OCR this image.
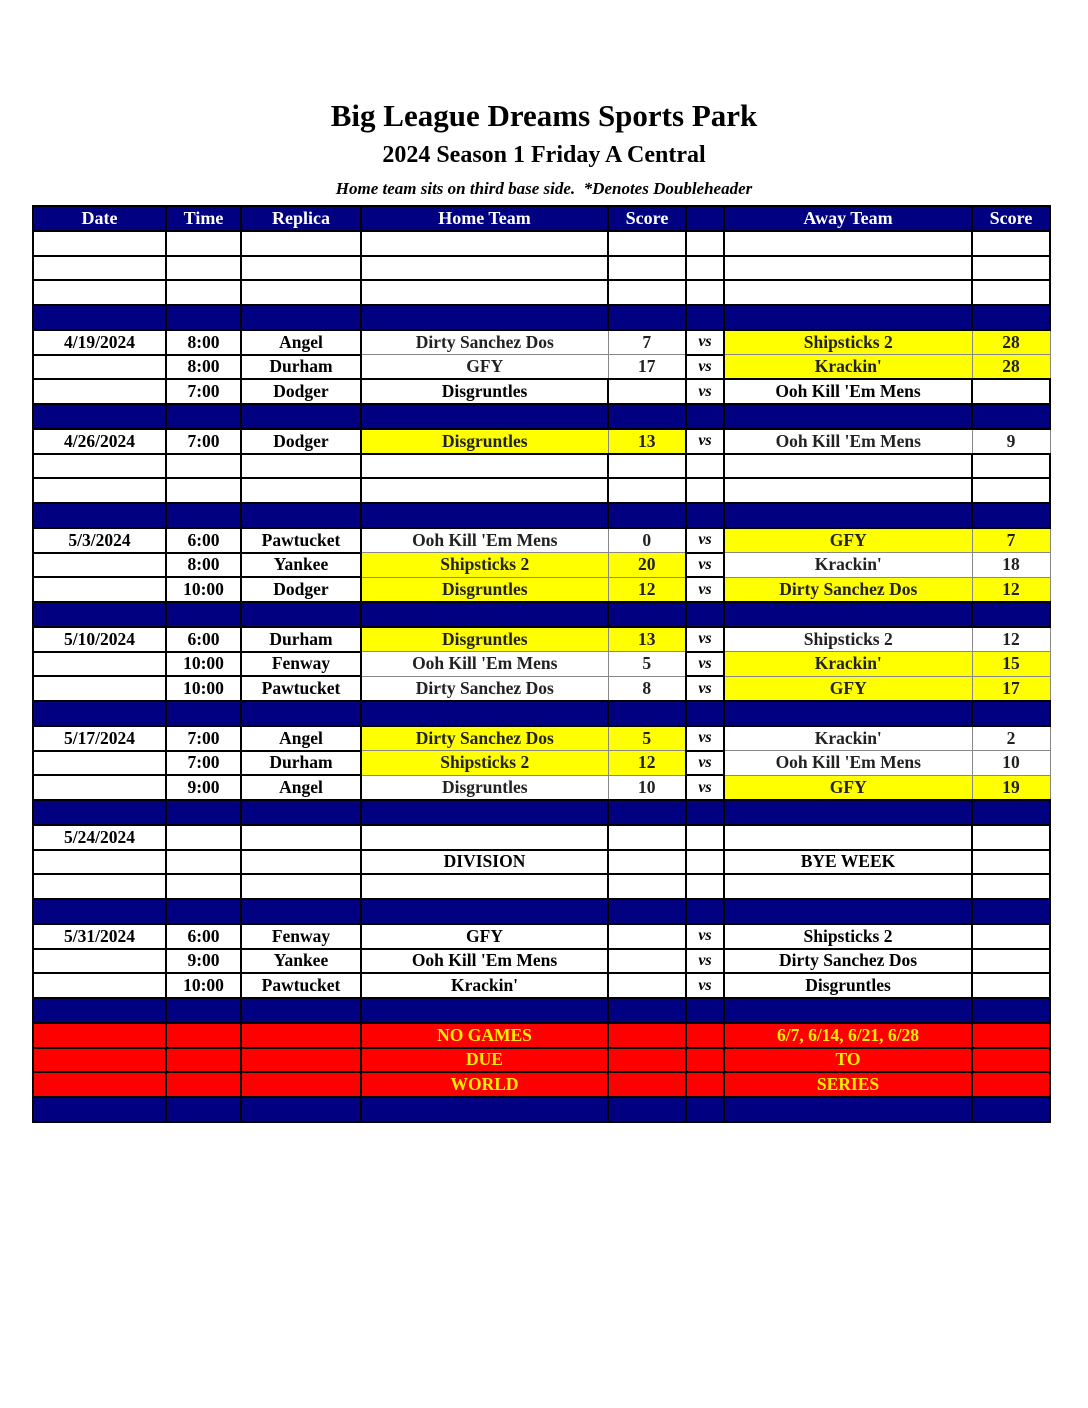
Big League Dreams Sports Park
2024 Season 1 Friday A Central
Home team sits on third base side.  *Denotes Doubleheader
Date	Time	Replica	Home Team	Score		Away Team	Score

4/19/2024	8:00	Angel	Dirty Sanchez Dos	7	vs	Shipsticks 2	28
	8:00	Durham	GFY	17	vs	Krackin'	28
	7:00	Dodger	Disgruntles		vs	Ooh Kill 'Em Mens	

4/26/2024	7:00	Dodger	Disgruntles	13	vs	Ooh Kill 'Em Mens	9

5/3/2024	6:00	Pawtucket	Ooh Kill 'Em Mens	0	vs	GFY	7
	8:00	Yankee	Shipsticks 2	20	vs	Krackin'	18
	10:00	Dodger	Disgruntles	12	vs	Dirty Sanchez Dos	12

5/10/2024	6:00	Durham	Disgruntles	13	vs	Shipsticks 2	12
	10:00	Fenway	Ooh Kill 'Em Mens	5	vs	Krackin'	15
	10:00	Pawtucket	Dirty Sanchez Dos	8	vs	GFY	17

5/17/2024	7:00	Angel	Dirty Sanchez Dos	5	vs	Krackin'	2
	7:00	Durham	Shipsticks 2	12	vs	Ooh Kill 'Em Mens	10
	9:00	Angel	Disgruntles	10	vs	GFY	19

5/24/2024							
			DIVISION			BYE WEEK	

5/31/2024	6:00	Fenway	GFY		vs	Shipsticks 2	
	9:00	Yankee	Ooh Kill 'Em Mens		vs	Dirty Sanchez Dos	
	10:00	Pawtucket	Krackin'		vs	Disgruntles	

			NO GAMES			6/7, 6/14, 6/21, 6/28	
			DUE			TO	
			WORLD			SERIES	
